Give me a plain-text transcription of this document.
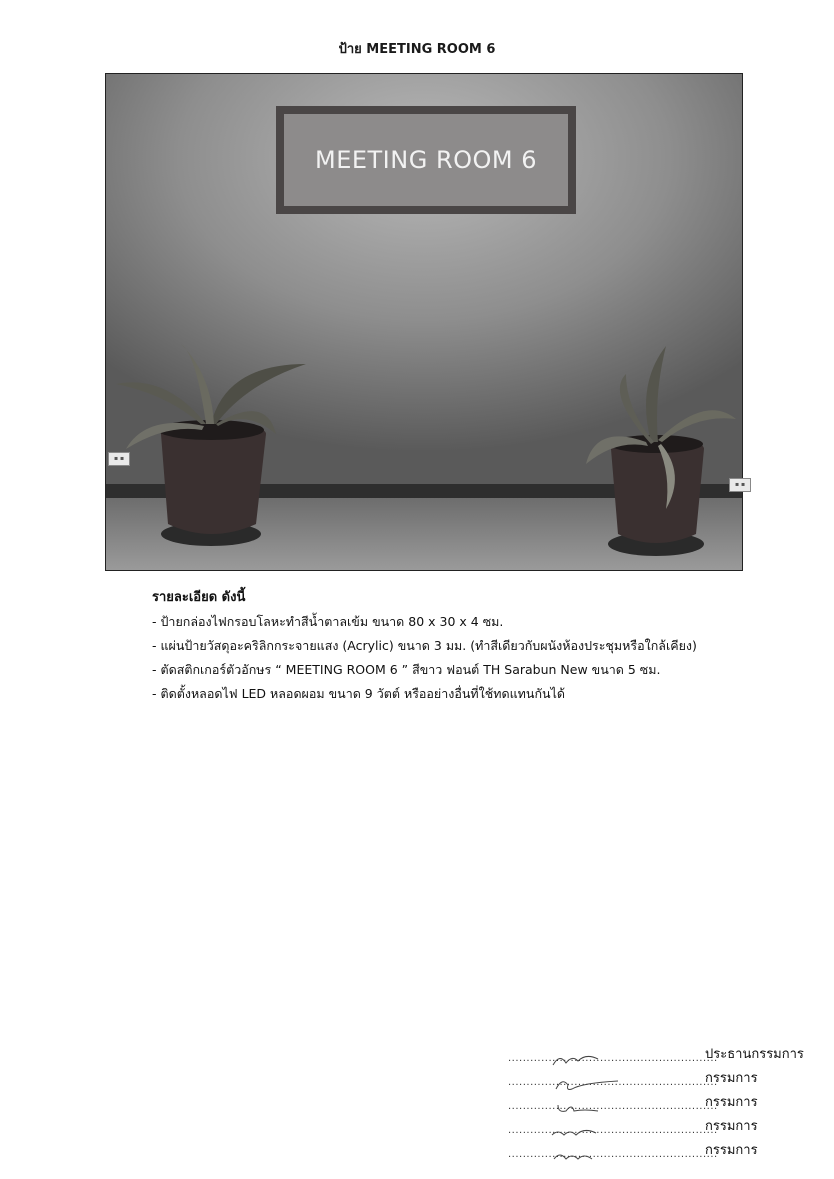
ป้าย MEETING ROOM 6
MEETING ROOM 6
▪ ▪
▪ ▪
รายละเอียด ดังนี้
- ป้ายกล่องไฟกรอบโลหะทำสีน้ำตาลเข้ม ขนาด 80 x 30 x 4 ซม.
- แผ่นป้ายวัสดุอะคริลิกกระจายแสง (Acrylic) ขนาด 3 มม. (ทำสีเดียวกับผนังห้องประชุมหรือใกล้เคียง)
- ตัดสติกเกอร์ตัวอักษร “ MEETING ROOM 6 ” สีขาว ฟอนต์ TH Sarabun New ขนาด 5 ซม.
- ติดตั้งหลอดไฟ LED หลอดผอม ขนาด 9 วัตต์ หรืออย่างอื่นที่ใช้ทดแทนกันได้
.........................................................
ประธานกรรมการ
.........................................................
กรรมการ
.........................................................
กรรมการ
.........................................................
กรรมการ
.........................................................
กรรมการ
